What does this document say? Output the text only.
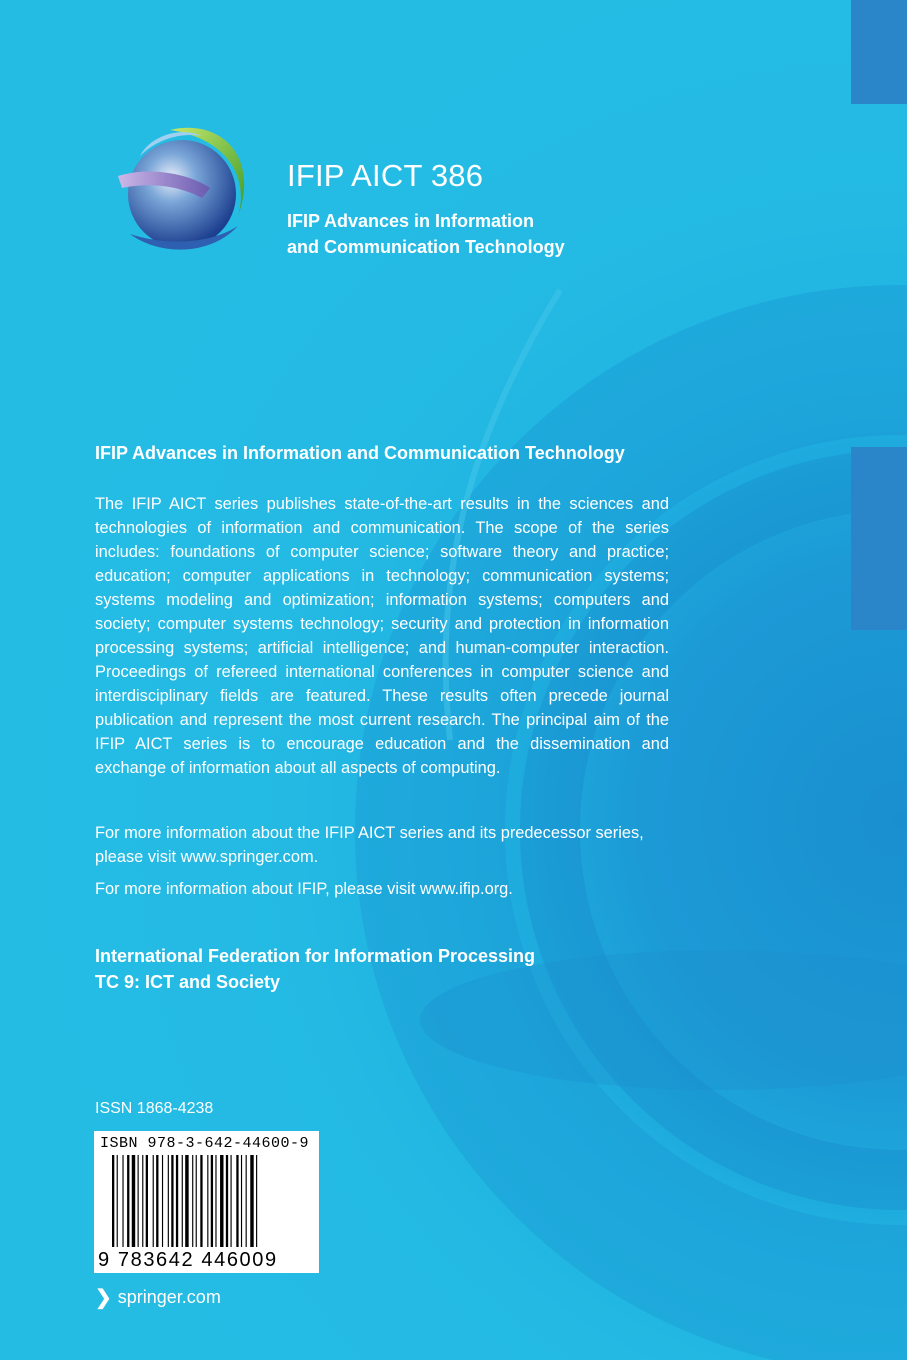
IFIP AICT 386
IFIP Advances in Information
and Communication Technology
IFIP Advances in Information and Communication Technology

The IFIP AICT series publishes state-of-the-art results in the sciences and technologies of information and communication. The scope of the series includes: foundations of computer science; software theory and practice; education; computer applications in technology; communication systems; systems modeling and optimization; information systems; computers and society; computer systems technology; security and protection in information processing systems; artificial intelligence; and human-computer interaction. Proceedings of refereed international conferences in computer science and interdisciplinary fields are featured. These results often precede journal publication and represent the most current research. The principal aim of the IFIP AICT series is to encourage education and the dissemination and exchange of information about all aspects of computing.

For more information about the IFIP AICT series and its predecessor series, please visit www.springer.com.

For more information about IFIP, please visit www.ifip.org.

International Federation for Information Processing
TC 9: ICT and Society
ISSN 1868-4238
ISBN 978-3-642-44600-9
9 783642 446009
❯ springer.com
